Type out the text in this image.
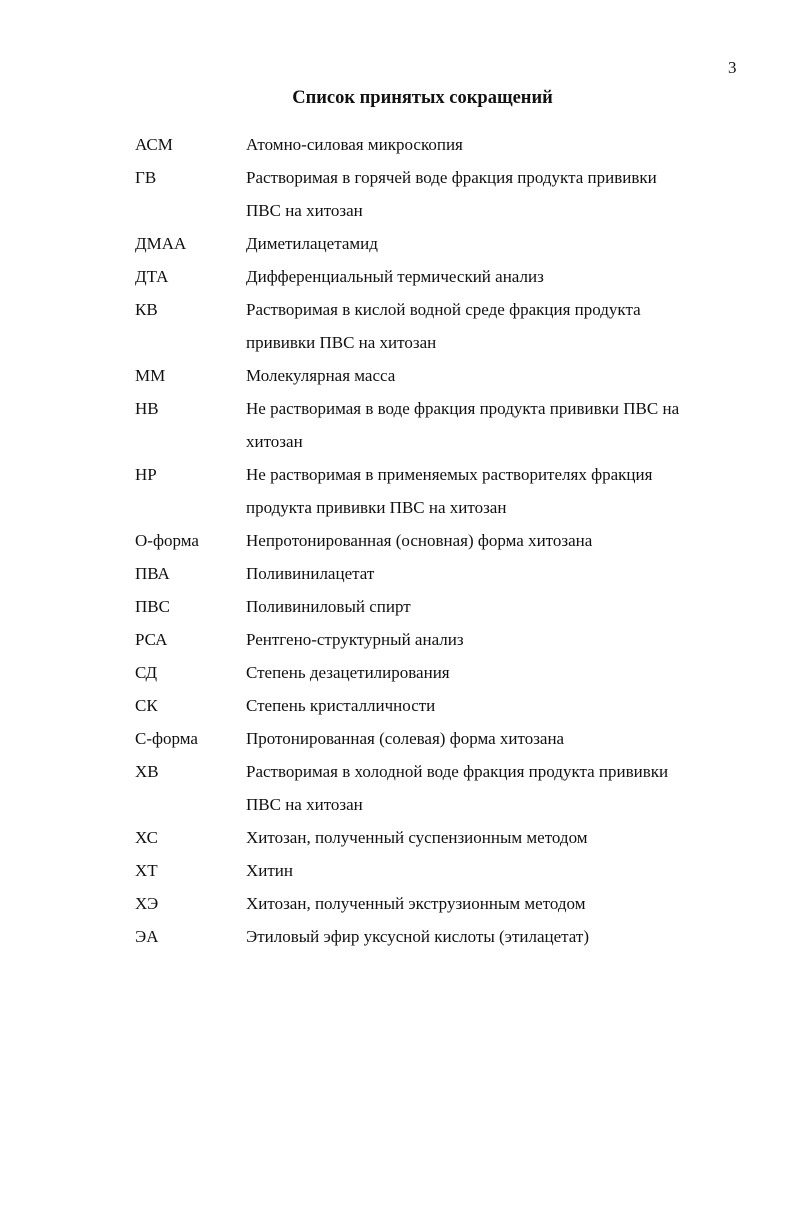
3
Список принятых сокращений
АСМ	Атомно-силовая микроскопия
ГВ	Растворимая в горячей воде фракция продукта прививки
ПВС на хитозан
ДМАА	Диметилацетамид
ДТА	Дифференциальный термический анализ
КВ	Растворимая в кислой водной среде фракция продукта
прививки ПВС на хитозан
ММ	Молекулярная масса
НВ	Не растворимая в воде фракция продукта прививки ПВС на
хитозан
НР	Не растворимая в применяемых растворителях фракция
продукта прививки ПВС на хитозан
О-форма	Непротонированная (основная) форма хитозана
ПВА	Поливинилацетат
ПВС	Поливиниловый спирт
РСА	Рентгено-структурный анализ
СД	Степень дезацетилирования
СК	Степень кристалличности
С-форма	Протонированная (солевая) форма хитозана
ХВ	Растворимая в холодной воде фракция продукта прививки
ПВС на хитозан
ХС	Хитозан, полученный суспензионным методом
ХТ	Хитин
ХЭ	Хитозан, полученный экструзионным методом
ЭА	Этиловый эфир уксусной кислоты (этилацетат)
